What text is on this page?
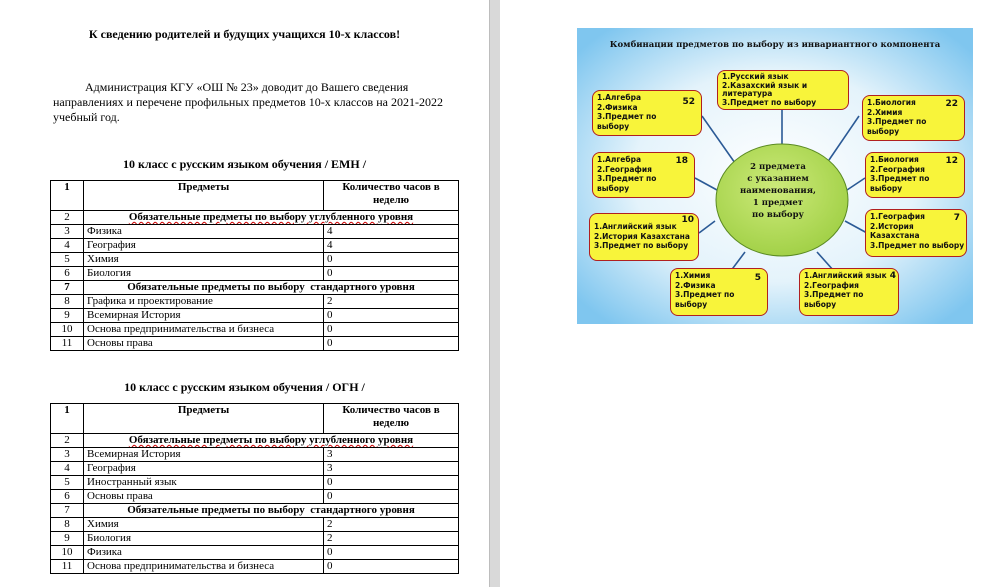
К сведению родителей и будущих учащихся 10-х классов!
Администрация КГУ «ОШ № 23» доводит до Вашего сведения направлениях и перечене профильных предметов 10-х классов на 2021-2022 учебный год.
10 класс с русским языком обучения / ЕМН /
1	Предметы	Количество часов в неделю
2	Обязательные предметы по выбору углубленного уровня	
3	Физика	4
4	География	4
5	Химия	0
6	Биология	0
7	Обязательные предметы по выбору  стандартного уровня	
8	Графика и проектирование	2
9	Всемирная История	0
10	Основа предпринимательства и бизнеса	0
11	Основы права	0
10 класс с русским языком обучения / ОГН /
1	Предметы	Количество часов в неделю
2	Обязательные предметы по выбору углубленного уровня	
3	Всемирная История	3
4	География	3
5	Иностранный язык	0
6	Основы права	0
7	Обязательные предметы по выбору  стандартного уровня	
8	Химия	2
9	Биология	2
10	Физика	0
11	Основа предпринимательства и бизнеса	0
Комбинации предметов по выбору из инвариантного компонента
2 предмета
с указанием
наименования,
1 предмет
по выбору
1.Алгебра
2.Физика
3.Предмет по
выбору
52
1.Русский язык
2.Казахский язык и
литература
3.Предмет по выбору	1.Биология
2.Химия
3.Предмет по
выбору
22
1.Алгебра
2.География
3.Предмет по
выбору
18	1.Биология
2.География
3.Предмет по
выбору
12
1.Английский язык
2.История Казахстана
3.Предмет по выбору
10	1.География
2.История
Казахстана
3.Предмет по выбору
7
1.Химия
2.Физика
3.Предмет по
выбору
5	1.Английский язык
2.География
3.Предмет по
выбору
4
